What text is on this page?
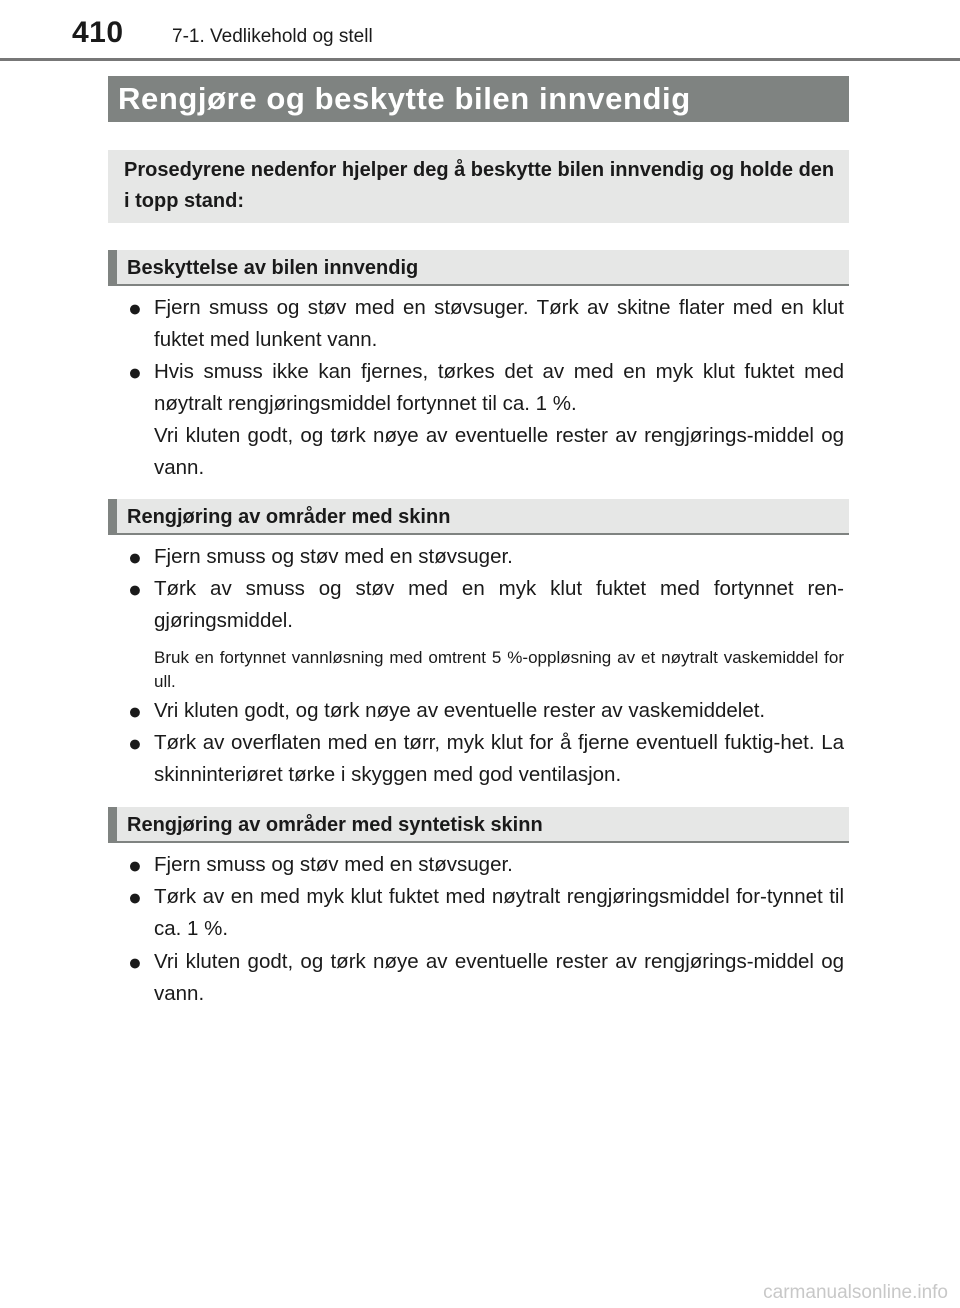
410	7-1. Vedlikehold og stell
Rengjøre og beskytte bilen innvendig
Prosedyrene nedenfor hjelper deg å beskytte bilen innvendig og holde den i topp stand:
Beskyttelse av bilen innvendig
● Fjern smuss og støv med en støvsuger. Tørk av skitne flater med en klut fuktet med lunkent vann.
● Hvis smuss ikke kan fjernes, tørkes det av med en myk klut fuktet med nøytralt rengjøringsmiddel fortynnet til ca. 1 %.
Vri kluten godt, og tørk nøye av eventuelle rester av rengjørings-middel og vann.
Rengjøring av områder med skinn
● Fjern smuss og støv med en støvsuger.
● Tørk av smuss og støv med en myk klut fuktet med fortynnet ren-gjøringsmiddel.
Bruk en fortynnet vannløsning med omtrent 5 %-oppløsning av et nøytralt vaskemiddel for ull.
● Vri kluten godt, og tørk nøye av eventuelle rester av vaskemiddelet.
● Tørk av overflaten med en tørr, myk klut for å fjerne eventuell fuktig-het. La skinninteriøret tørke i skyggen med god ventilasjon.
Rengjøring av områder med syntetisk skinn
● Fjern smuss og støv med en støvsuger.
● Tørk av en med myk klut fuktet med nøytralt rengjøringsmiddel for-tynnet til ca. 1 %.
● Vri kluten godt, og tørk nøye av eventuelle rester av rengjørings-middel og vann.
carmanualsonline.info
